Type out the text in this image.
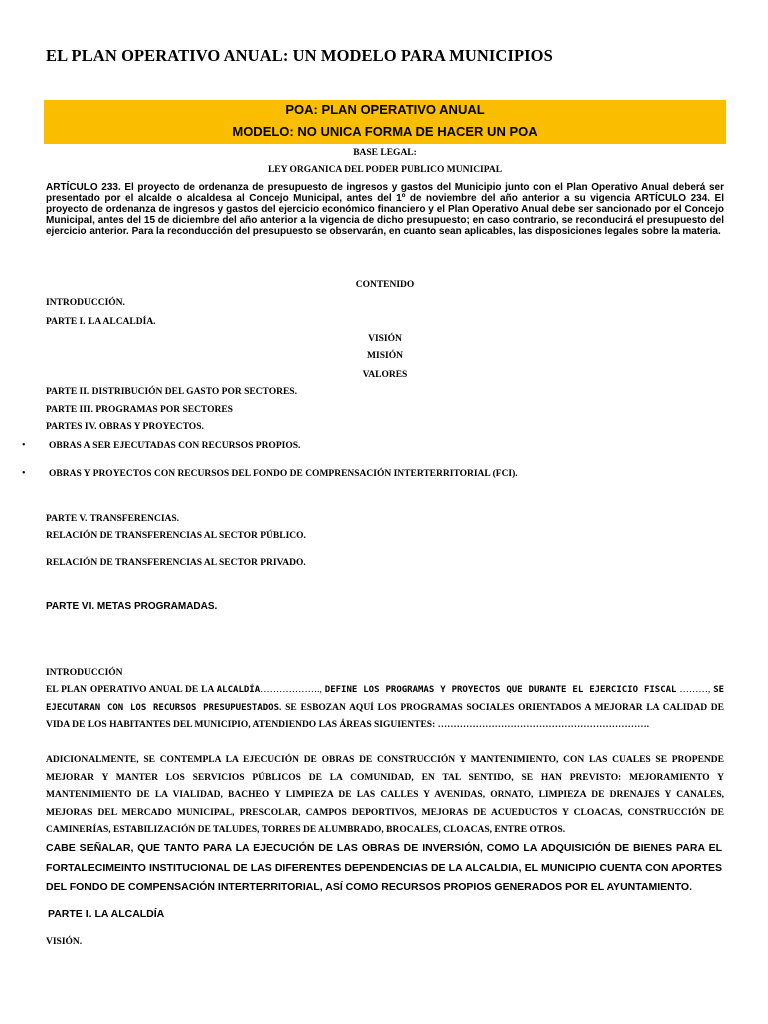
EL PLAN OPERATIVO ANUAL: UN MODELO PARA MUNICIPIOS
POA: PLAN OPERATIVO ANUAL
MODELO: NO UNICA FORMA DE HACER UN POA
BASE LEGAL:
LEY ORGANICA DEL PODER PUBLICO MUNICIPAL
ARTÍCULO 233. El proyecto de ordenanza de presupuesto de ingresos y gastos del Municipio junto con el Plan Operativo Anual deberá ser presentado por el alcalde o alcaldesa al Concejo Municipal, antes del 1º de noviembre del año anterior a su vigencia ARTÍCULO 234. El proyecto de ordenanza de ingresos y gastos del ejercicio económico financiero y el Plan Operativo Anual debe ser sancionado por el Concejo Municipal, antes del 15 de diciembre del año anterior a la vigencia de dicho presupuesto; en caso contrario, se reconducirá el presupuesto del ejercicio anterior. Para la reconducción del presupuesto se observarán, en cuanto sean aplicables, las disposiciones legales sobre la materia.
CONTENIDO
INTRODUCCIÓN.
PARTE I. LA ALCALDÍA.
VISIÓN
MISIÓN
VALORES
PARTE II. DISTRIBUCIÓN DEL GASTO POR SECTORES.
PARTE III. PROGRAMAS POR SECTORES
PARTES IV. OBRAS Y PROYECTOS.
• OBRAS A SER EJECUTADAS CON RECURSOS PROPIOS.
• OBRAS Y PROYECTOS CON RECURSOS DEL FONDO DE COMPRENSACIÓN INTERTERRITORIAL (FCI).
PARTE V. TRANSFERENCIAS.
RELACIÓN DE TRANSFERENCIAS AL SECTOR PÚBLICO.
RELACIÓN DE TRANSFERENCIAS AL SECTOR PRIVADO.
PARTE VI. METAS PROGRAMADAS.
INTRODUCCIÓN
EL PLAN OPERATIVO ANUAL DE LA ALCALDÍA………………., DEFINE LOS PROGRAMAS Y PROYECTOS QUE DURANTE EL EJERCICIO FISCAL ………, SE EJECUTARAN CON LOS RECURSOS PRESUPUESTADOS. SE ESBOZAN AQUÍ LOS PROGRAMAS SOCIALES ORIENTADOS A MEJORAR LA CALIDAD DE VIDA DE LOS HABITANTES DEL MUNICIPIO, ATENDIENDO LAS ÁREAS SIGUIENTES: ………………………………………………………….
ADICIONALMENTE, SE CONTEMPLA LA EJECUCIÓN DE OBRAS DE CONSTRUCCIÓN Y MANTENIMIENTO, CON LAS CUALES SE PROPENDE MEJORAR Y MANTER LOS SERVICIOS PÚBLICOS DE LA COMUNIDAD, EN TAL SENTIDO, SE HAN PREVISTO: MEJORAMIENTO Y MANTENIMIENTO DE LA VIALIDAD, BACHEO Y LIMPIEZA DE LAS CALLES Y AVENIDAS, ORNATO, LIMPIEZA DE DRENAJES Y CANALES, MEJORAS DEL MERCADO MUNICIPAL, PRESCOLAR, CAMPOS DEPORTIVOS, MEJORAS DE ACUEDUCTOS Y CLOACAS, CONSTRUCCIÓN DE CAMINERÍAS, ESTABILIZACIÓN DE TALUDES, TORRES DE ALUMBRADO, BROCALES, CLOACAS, ENTRE OTROS.
CABE SEÑALAR, QUE TANTO PARA LA EJECUCIÓN DE LAS OBRAS DE INVERSIÓN, COMO LA ADQUISICIÓN DE BIENES PARA EL FORTALECIMEINTO INSTITUCIONAL DE LAS DIFERENTES DEPENDENCIAS DE LA ALCALDIA, EL MUNICIPIO CUENTA CON APORTES DEL FONDO DE COMPENSACIÓN INTERTERRITORIAL, ASÍ COMO RECURSOS PROPIOS GENERADOS POR EL AYUNTAMIENTO.
PARTE I. LA ALCALDÍA
VISIÓN.
